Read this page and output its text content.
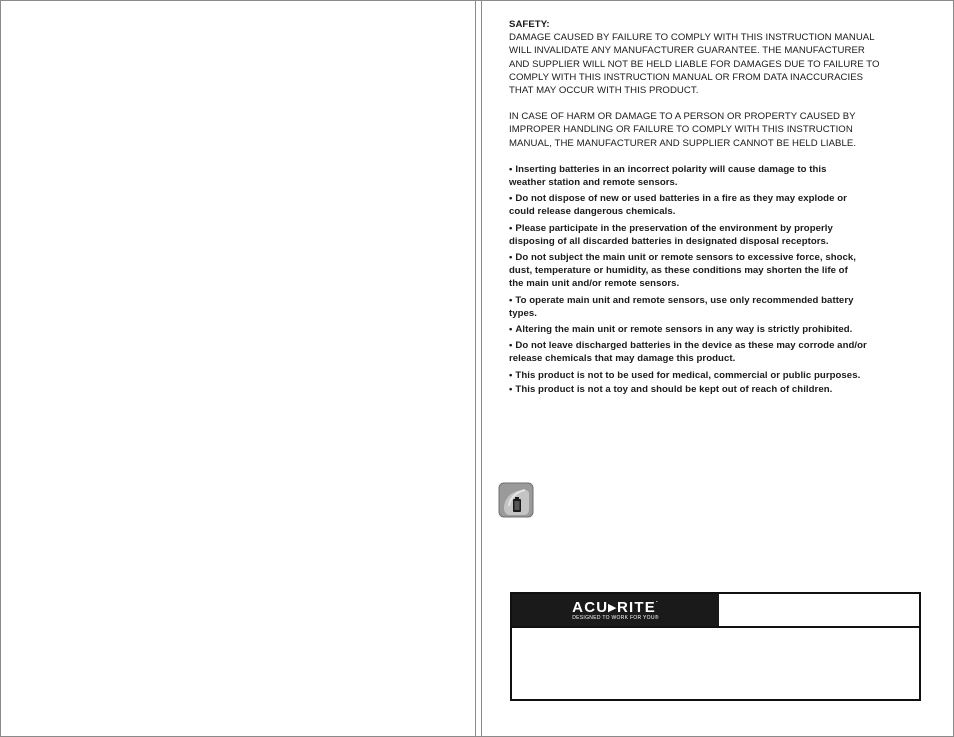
SAFETY:
DAMAGE CAUSED BY FAILURE TO COMPLY WITH THIS INSTRUCTION MANUAL
WILL INVALIDATE ANY MANUFACTURER GUARANTEE. THE MANUFACTURER
AND SUPPLIER WILL NOT BE HELD LIABLE FOR DAMAGES DUE TO FAILURE TO
COMPLY WITH THIS INSTRUCTION MANUAL OR FROM DATA INACCURACIES
THAT MAY OCCUR WITH THIS PRODUCT.
IN CASE OF HARM OR DAMAGE TO A PERSON OR PROPERTY CAUSED BY
IMPROPER HANDLING OR FAILURE TO COMPLY WITH THIS INSTRUCTION
MANUAL, THE MANUFACTURER AND SUPPLIER CANNOT BE HELD LIABLE.
• Inserting batteries in an incorrect polarity will cause damage to this
weather station and remote sensors.
• Do not dispose of new or used batteries in a fire as they may explode or
could release dangerous chemicals.
• Please participate in the preservation of the environment by properly
disposing of all discarded batteries in designated disposal receptors.
• Do not subject the main unit or remote sensors to excessive force, shock,
dust, temperature or humidity, as these conditions may shorten the life of
the main unit and/or remote sensors.
• To operate main unit and remote sensors, use only recommended battery
types.
• Altering the main unit or remote sensors in any way is strictly prohibited.
• Do not leave discharged batteries in the device as these may corrode and/or
release chemicals that may damage this product.
• This product is not to be used for medical, commercial or public purposes.
• This product is not a toy and should be kept out of reach of children.
ACU▸RITE.
DESIGNED TO WORK FOR YOU®
